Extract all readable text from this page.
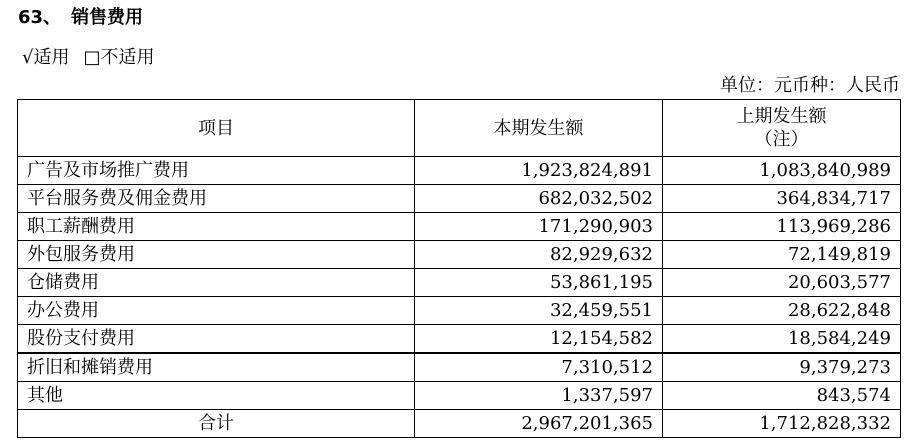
63、 销售费用
√适用 □不适用
单位：元币种：人民币
项目	本期发生额	上期发生额
（注）

广告及市场推广费用	1,923,824,891	1,083,840,989
平台服务费及佣金费用	682,032,502	364,834,717
职工薪酬费用	171,290,903	113,969,286
外包服务费用	82,929,632	72,149,819
仓储费用	53,861,195	20,603,577
办公费用	32,459,551	28,622,848
股份支付费用	12,154,582	18,584,249
折旧和摊销费用	7,310,512	9,379,273
其他	1,337,597	843,574
合计	2,967,201,365	1,712,828,332
